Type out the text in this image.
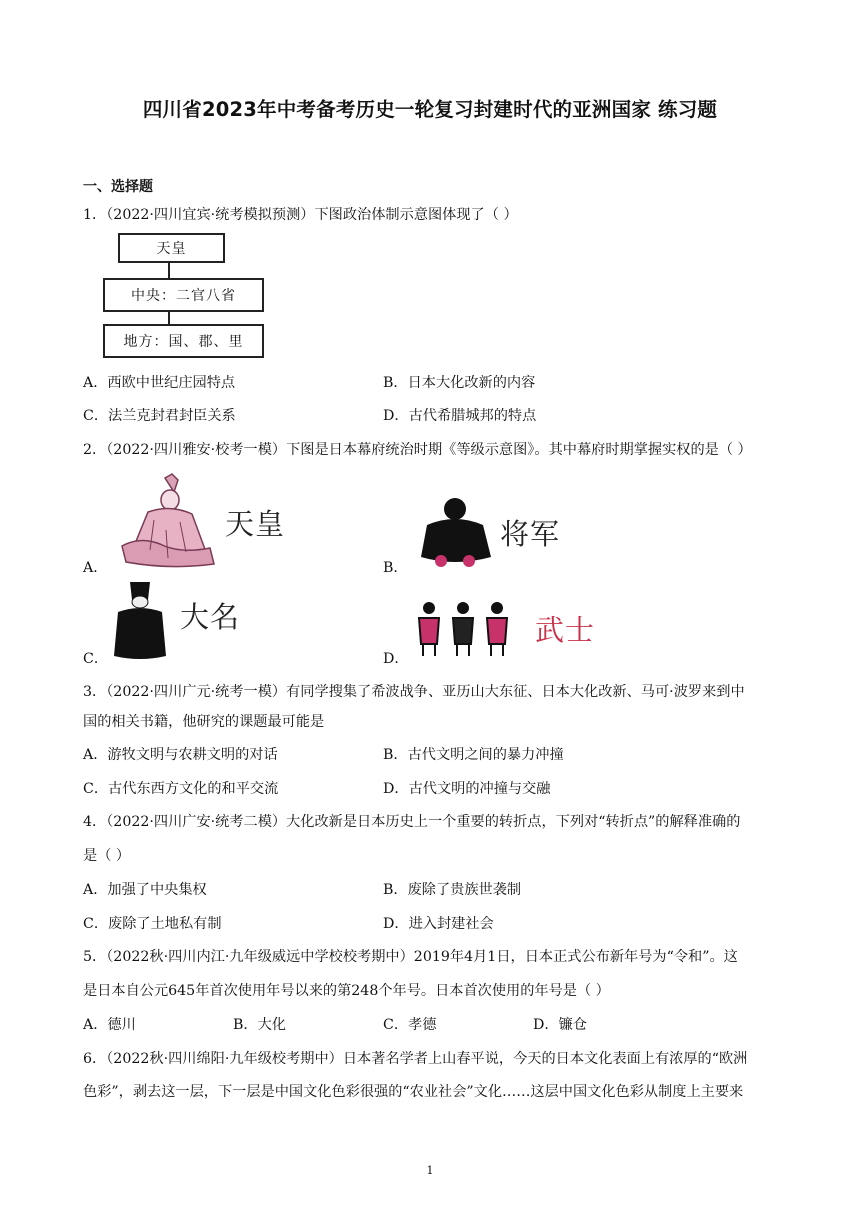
四川省2023年中考备考历史一轮复习封建时代的亚洲国家 练习题
一、选择题
1．（2022·四川宜宾·统考模拟预测）下图政治体制示意图体现了（ ）
天皇
中央：二官八省
地方：国、郡、里
A．西欧中世纪庄园特点	B．日本大化改新的内容
C．法兰克封君封臣关系	D．古代希腊城邦的特点
2．（2022·四川雅安·校考一模）下图是日本幕府统治时期《等级示意图》。其中幕府时期掌握实权的是（ ）
A．	B．
C．	D．
天皇	将军
大名	武士
3．（2022·四川广元·统考一模）有同学搜集了希波战争、亚历山大东征、日本大化改新、马可·波罗来到中
国的相关书籍，他研究的课题最可能是
A．游牧文明与农耕文明的对话	B．古代文明之间的暴力冲撞
C．古代东西方文化的和平交流	D．古代文明的冲撞与交融
4．（2022·四川广安·统考二模）大化改新是日本历史上一个重要的转折点，下列对“转折点”的解释准确的
是（ ）
A．加强了中央集权	B．废除了贵族世袭制
C．废除了土地私有制	D．进入封建社会
5．（2022秋·四川内江·九年级威远中学校校考期中）2019年4月1日，日本正式公布新年号为“令和”。这
是日本自公元645年首次使用年号以来的第248个年号。日本首次使用的年号是（ ）
A．德川	B．大化	C．孝德	D．镰仓
6．（2022秋·四川绵阳·九年级校考期中）日本著名学者上山春平说，今天的日本文化表面上有浓厚的“欧洲
色彩”，剥去这一层，下一层是中国文化色彩很强的“农业社会”文化……这层中国文化色彩从制度上主要来
1
